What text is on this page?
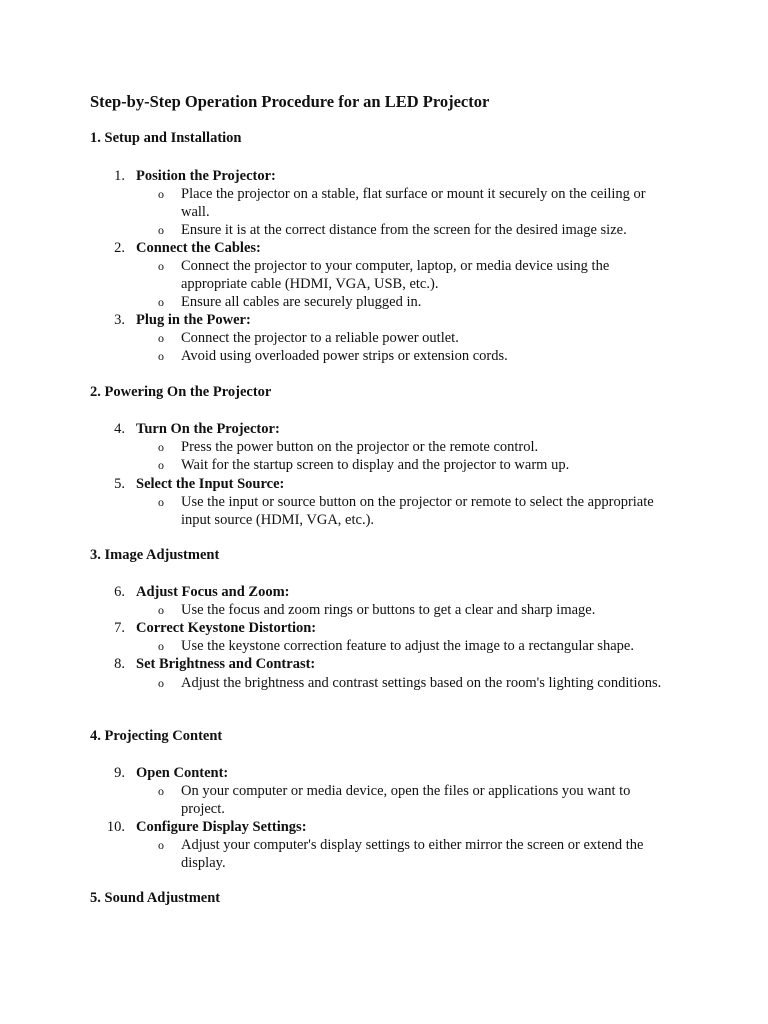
Step-by-Step Operation Procedure for an LED Projector
1. Setup and Installation
1. Position the Projector:
o Place the projector on a stable, flat surface or mount it securely on the ceiling or wall.
o Ensure it is at the correct distance from the screen for the desired image size.
2. Connect the Cables:
o Connect the projector to your computer, laptop, or media device using the appropriate cable (HDMI, VGA, USB, etc.).
o Ensure all cables are securely plugged in.
3. Plug in the Power:
o Connect the projector to a reliable power outlet.
o Avoid using overloaded power strips or extension cords.
2. Powering On the Projector
4. Turn On the Projector:
o Press the power button on the projector or the remote control.
o Wait for the startup screen to display and the projector to warm up.
5. Select the Input Source:
o Use the input or source button on the projector or remote to select the appropriate input source (HDMI, VGA, etc.).
3. Image Adjustment
6. Adjust Focus and Zoom:
o Use the focus and zoom rings or buttons to get a clear and sharp image.
7. Correct Keystone Distortion:
o Use the keystone correction feature to adjust the image to a rectangular shape.
8. Set Brightness and Contrast:
o Adjust the brightness and contrast settings based on the room's lighting conditions.
4. Projecting Content
9. Open Content:
o On your computer or media device, open the files or applications you want to project.
10. Configure Display Settings:
o Adjust your computer's display settings to either mirror the screen or extend the display.
5. Sound Adjustment
